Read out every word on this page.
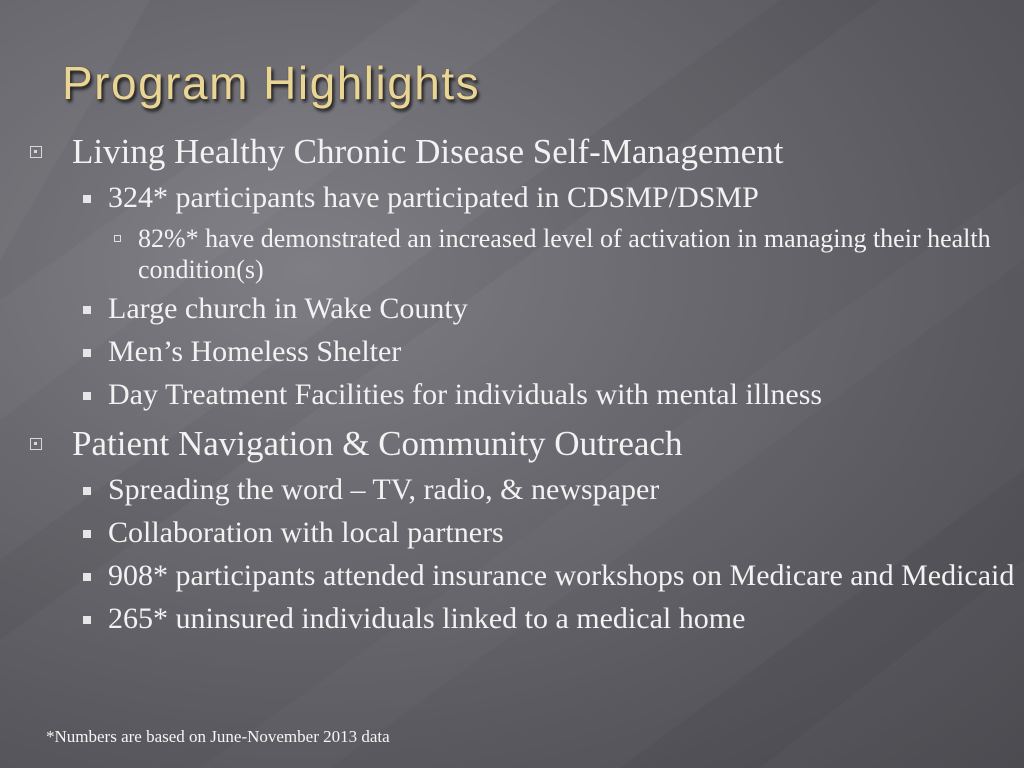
Program Highlights
Living Healthy Chronic Disease Self-Management
324* participants have participated in CDSMP/DSMP
82%* have demonstrated an increased level of activation in managing their health condition(s)
Large church in Wake County
Men’s Homeless Shelter
Day Treatment Facilities for individuals with mental illness
Patient Navigation & Community Outreach
Spreading the word – TV, radio, & newspaper
Collaboration with local partners
908* participants attended insurance workshops on Medicare and Medicaid
265* uninsured individuals linked to a medical home
*Numbers are based on June-November 2013 data
